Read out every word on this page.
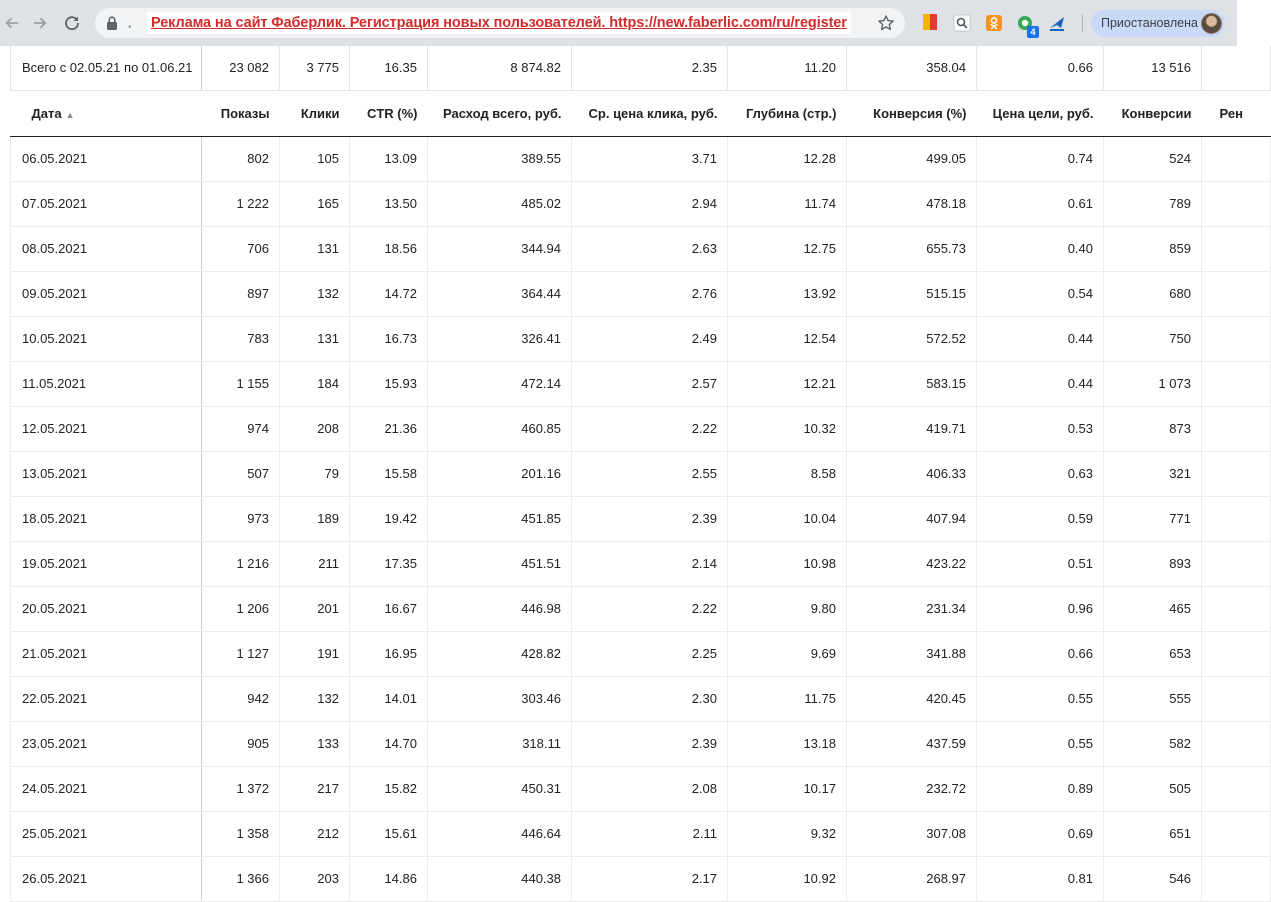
• Реклама на сайт Фаберлик. Регистрация новых пользователей. https://new.faberlic.com/ru/register
4
Приостановлена
Всего с 02.05.21 по 01.06.21	23 082	3 775	16.35	8 874.82	2.35	11.20	358.04	0.66	13 516	
Дата ▲	Показы	Клики	CTR (%)	Расход всего, руб.	Ср. цена клика, руб.	Глубина (стр.)	Конверсия (%)	Цена цели, руб.	Конверсии	Рен
06.05.2021	802	105	13.09	389.55	3.71	12.28	499.05	0.74	524	
07.05.2021	1 222	165	13.50	485.02	2.94	11.74	478.18	0.61	789	
08.05.2021	706	131	18.56	344.94	2.63	12.75	655.73	0.40	859	
09.05.2021	897	132	14.72	364.44	2.76	13.92	515.15	0.54	680	
10.05.2021	783	131	16.73	326.41	2.49	12.54	572.52	0.44	750	
11.05.2021	1 155	184	15.93	472.14	2.57	12.21	583.15	0.44	1 073	
12.05.2021	974	208	21.36	460.85	2.22	10.32	419.71	0.53	873	
13.05.2021	507	79	15.58	201.16	2.55	8.58	406.33	0.63	321	
18.05.2021	973	189	19.42	451.85	2.39	10.04	407.94	0.59	771	
19.05.2021	1 216	211	17.35	451.51	2.14	10.98	423.22	0.51	893	
20.05.2021	1 206	201	16.67	446.98	2.22	9.80	231.34	0.96	465	
21.05.2021	1 127	191	16.95	428.82	2.25	9.69	341.88	0.66	653	
22.05.2021	942	132	14.01	303.46	2.30	11.75	420.45	0.55	555	
23.05.2021	905	133	14.70	318.11	2.39	13.18	437.59	0.55	582	
24.05.2021	1 372	217	15.82	450.31	2.08	10.17	232.72	0.89	505	
25.05.2021	1 358	212	15.61	446.64	2.11	9.32	307.08	0.69	651	
26.05.2021	1 366	203	14.86	440.38	2.17	10.92	268.97	0.81	546	
